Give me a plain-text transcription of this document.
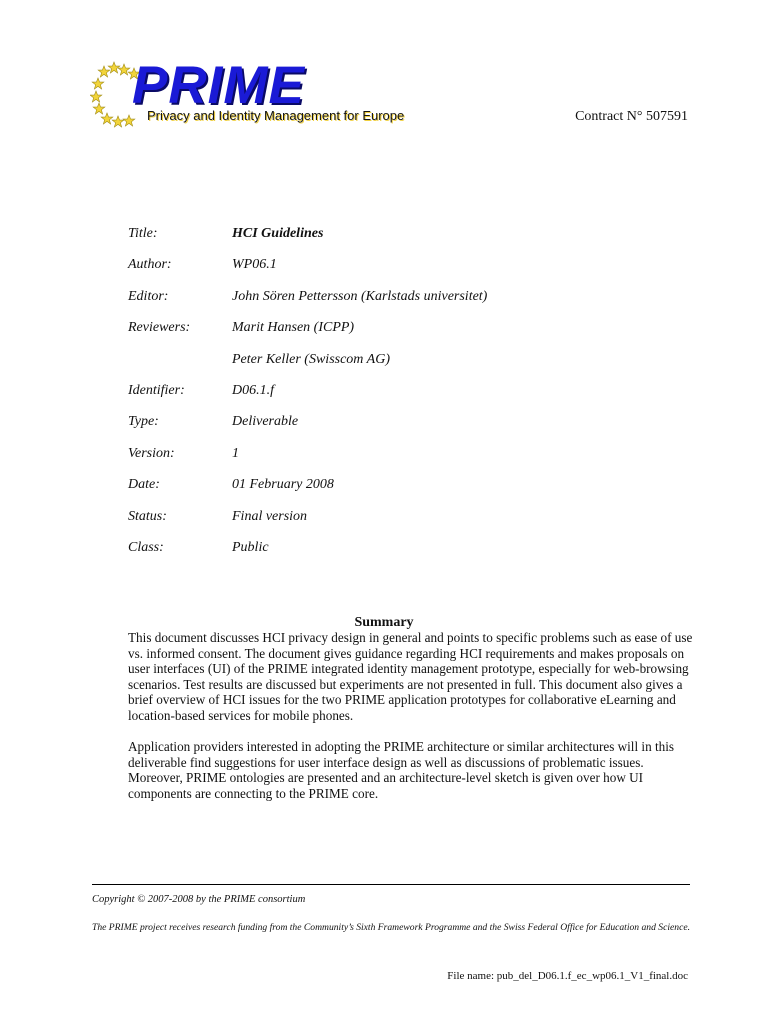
PRIME
Privacy and Identity Management for Europe	Contract N° 507591
Title:	HCI Guidelines
Author:	WP06.1
Editor:	John Sören Pettersson (Karlstads universitet)
Reviewers:	Marit Hansen (ICPP)
Peter Keller (Swisscom AG)
Identifier:	D06.1.f
Type:	Deliverable
Version:	1
Date:	01 February 2008
Status:	Final version
Class:	Public
Summary

This document discusses HCI privacy design in general and points to specific problems such as ease of use vs. informed consent. The document gives guidance regarding HCI requirements and makes proposals on user interfaces (UI) of the PRIME integrated identity management prototype, especially for web-browsing scenarios. Test results are discussed but experiments are not presented in full. This document also gives a brief overview of HCI issues for the two PRIME application prototypes for collaborative eLearning and location-based services for mobile phones.

Application providers interested in adopting the PRIME architecture or similar architectures will in this deliverable find suggestions for user interface design as well as discussions of problematic issues. Moreover, PRIME ontologies are presented and an architecture-level sketch is given over how UI components are connecting to the PRIME core.

Copyright © 2007-2008 by the PRIME consortium

The PRIME project receives research funding from the Community’s Sixth Framework Programme and the Swiss Federal Office for Education and Science.

File name: pub_del_D06.1.f_ec_wp06.1_V1_final.doc
